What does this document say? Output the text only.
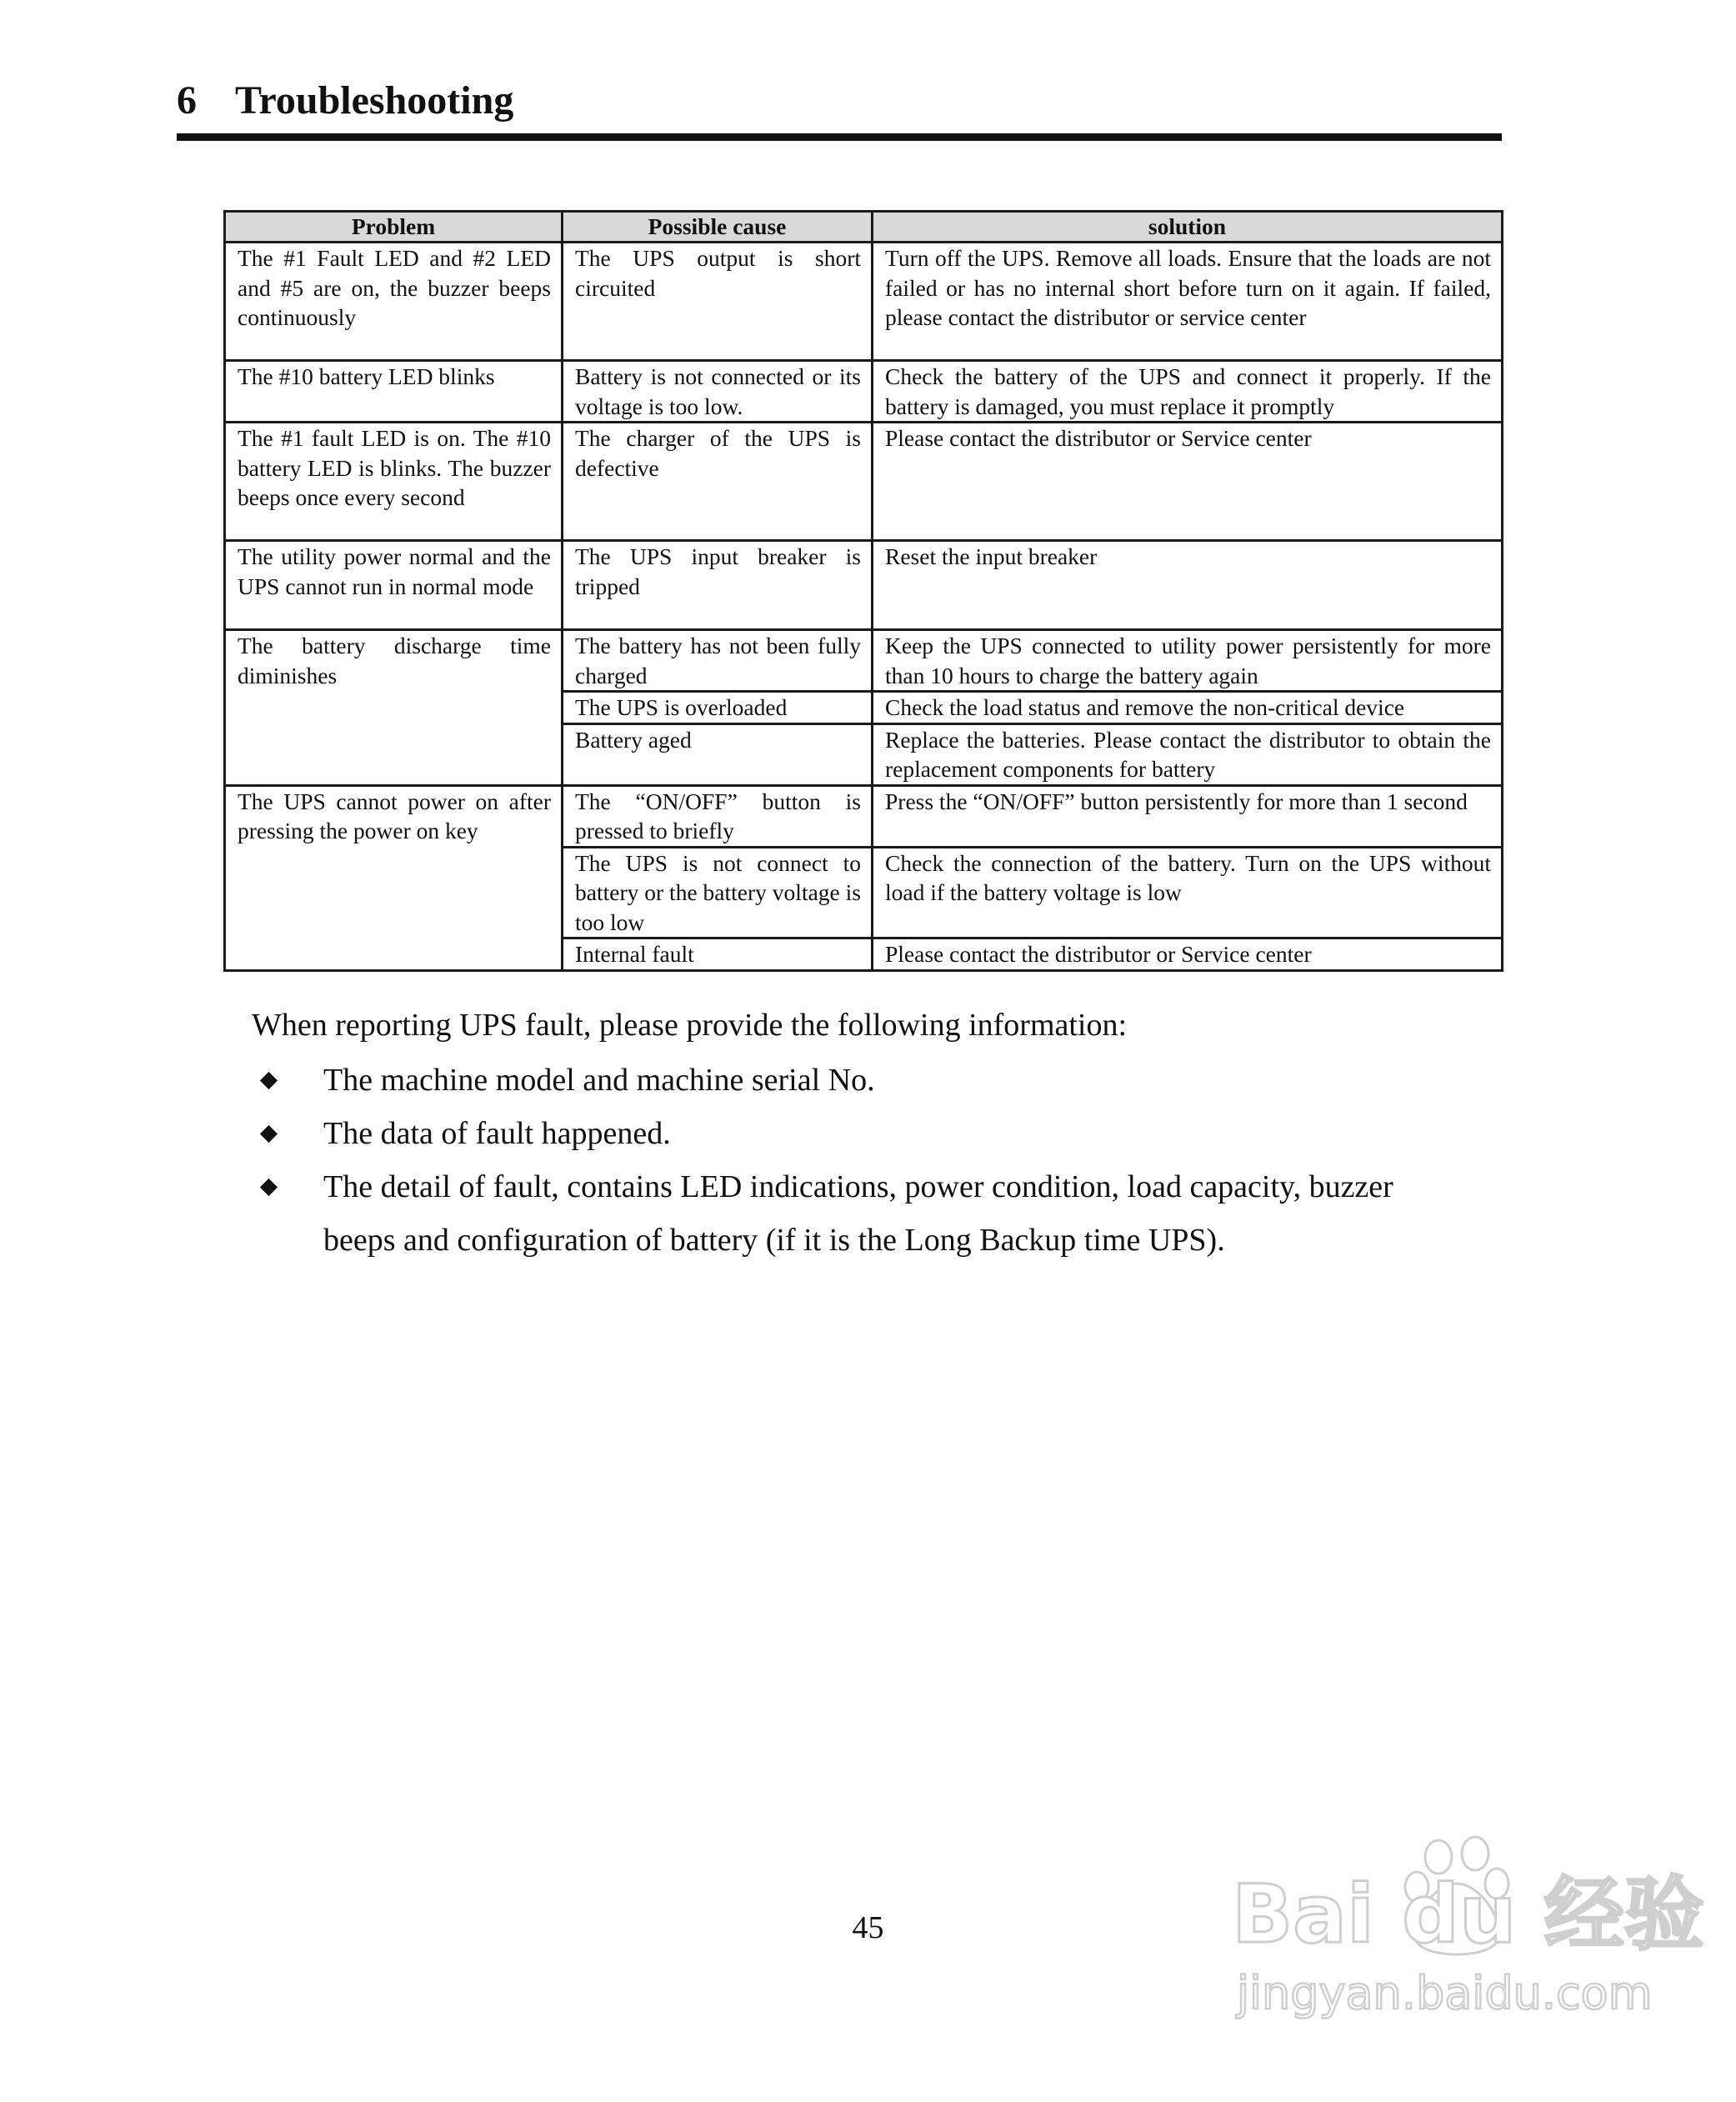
6 Troubleshooting
Problem	Possible cause	solution
The #1 Fault LED and #2 LED and #5 are on, the buzzer beeps continuously	The UPS output is short circuited	Turn off the UPS. Remove all loads. Ensure that the loads are not failed or has no internal short before turn on it again. If failed, please contact the distributor or service center
The #10 battery LED blinks	Battery is not connected or its voltage is too low.	Check the battery of the UPS and connect it properly. If the battery is damaged, you must replace it promptly
The #1 fault LED is on. The #10 battery LED is blinks. The buzzer beeps once every second	The charger of the UPS is defective	Please contact the distributor or Service center
The utility power normal and the UPS cannot run in normal mode	The UPS input breaker is tripped	Reset the input breaker
The battery discharge time diminishes	The battery has not been fully charged	Keep the UPS connected to utility power persistently for more than 10 hours to charge the battery again
	The UPS is overloaded	Check the load status and remove the non-critical device
	Battery aged	Replace the batteries. Please contact the distributor to obtain the replacement components for battery
The UPS cannot power on after pressing the power on key	The “ON/OFF” button is pressed to briefly	Press the “ON/OFF” button persistently for more than 1 second
	The UPS is not connect to battery or the battery voltage is too low	Check the connection of the battery. Turn on the UPS without load if the battery voltage is low
	Internal fault	Please contact the distributor or Service center

When reporting UPS fault, please provide the following information:

The machine model and machine serial No.
The data of fault happened.
The detail of fault, contains LED indications, power condition, load capacity, buzzer beeps and configuration of battery (if it is the Long Backup time UPS).
45	Bai du 经验
jingyan.baidu.com
